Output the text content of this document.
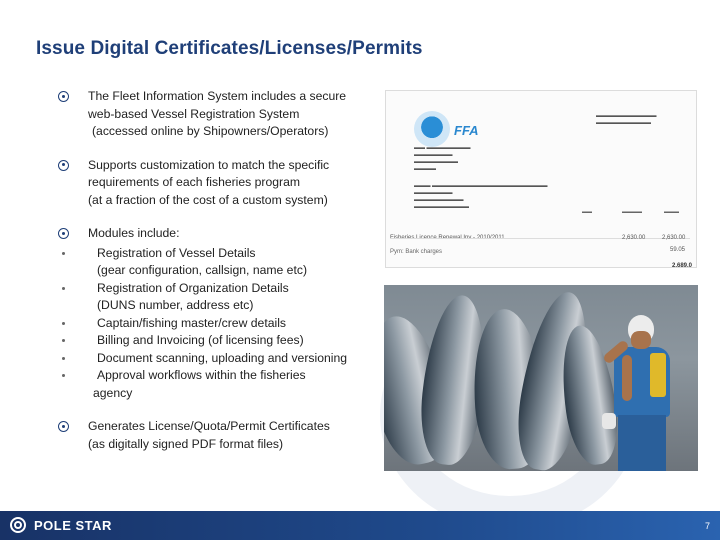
Issue Digital Certificates/Licenses/Permits
The Fleet Information System includes a secure
web-based Vessel Registration System
(accessed online by Shipowners/Operators)
Supports customization to match the specific
requirements of each fisheries program
(at a fraction of the cost of a custom system)
Modules include:
Registration of Vessel Details
(gear configuration, callsign, name etc)
Registration of Organization Details
(DUNS number, address etc)
Captain/fishing master/crew details
Billing and Invoicing (of licensing fees)
Document scanning, uploading and versioning
Approval workflows within the fisheries
agency
Generates License/Quota/Permit Certificates
(as digitally signed PDF format files)
FFA
▬▬▬▬▬▬▬▬▬▬▬
▬▬▬▬▬▬▬▬▬▬
▬▬ ▬▬▬▬▬▬▬▬
▬▬▬▬▬▬▬
▬▬▬▬▬▬▬▬
▬▬▬▬
▬▬▬ ▬▬▬▬▬▬▬▬▬▬▬▬▬▬▬▬▬▬▬▬▬
▬▬▬▬▬▬▬
▬▬▬▬▬▬▬▬▬
▬▬▬▬▬▬▬▬▬▬
▬▬	▬▬▬▬	▬▬▬
Fisheries Licence Renewal Inv - 2010/2011	2,630.00	2,630.00
Pym: Bank charges	59.05
2,689.0
POLE STAR	7
